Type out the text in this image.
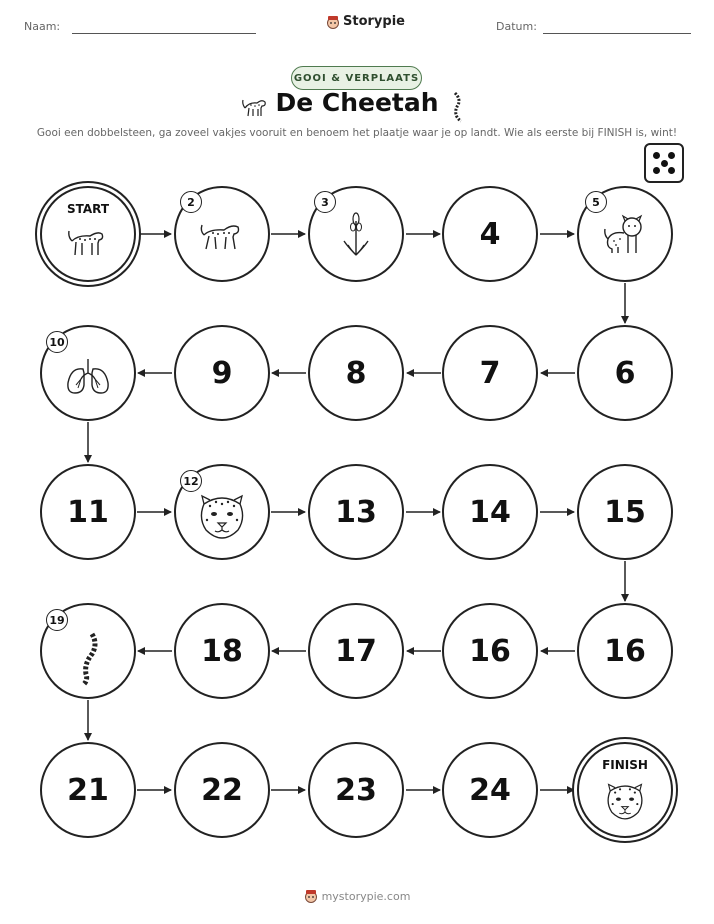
Naam:	Storypie	Datum:
GOOI & VERPLAATS
De Cheetah
Gooi een dobbelsteen, ga zoveel vakjes vooruit en benoem het plaatje waar je op landt. Wie als eerste bij FINISH is, wint!
START	2	3
4
5
10
9	8	7	6
11
12
13	14	15
19
18	17	16	16
21	22	23	24
FINISH
mystorypie.com
